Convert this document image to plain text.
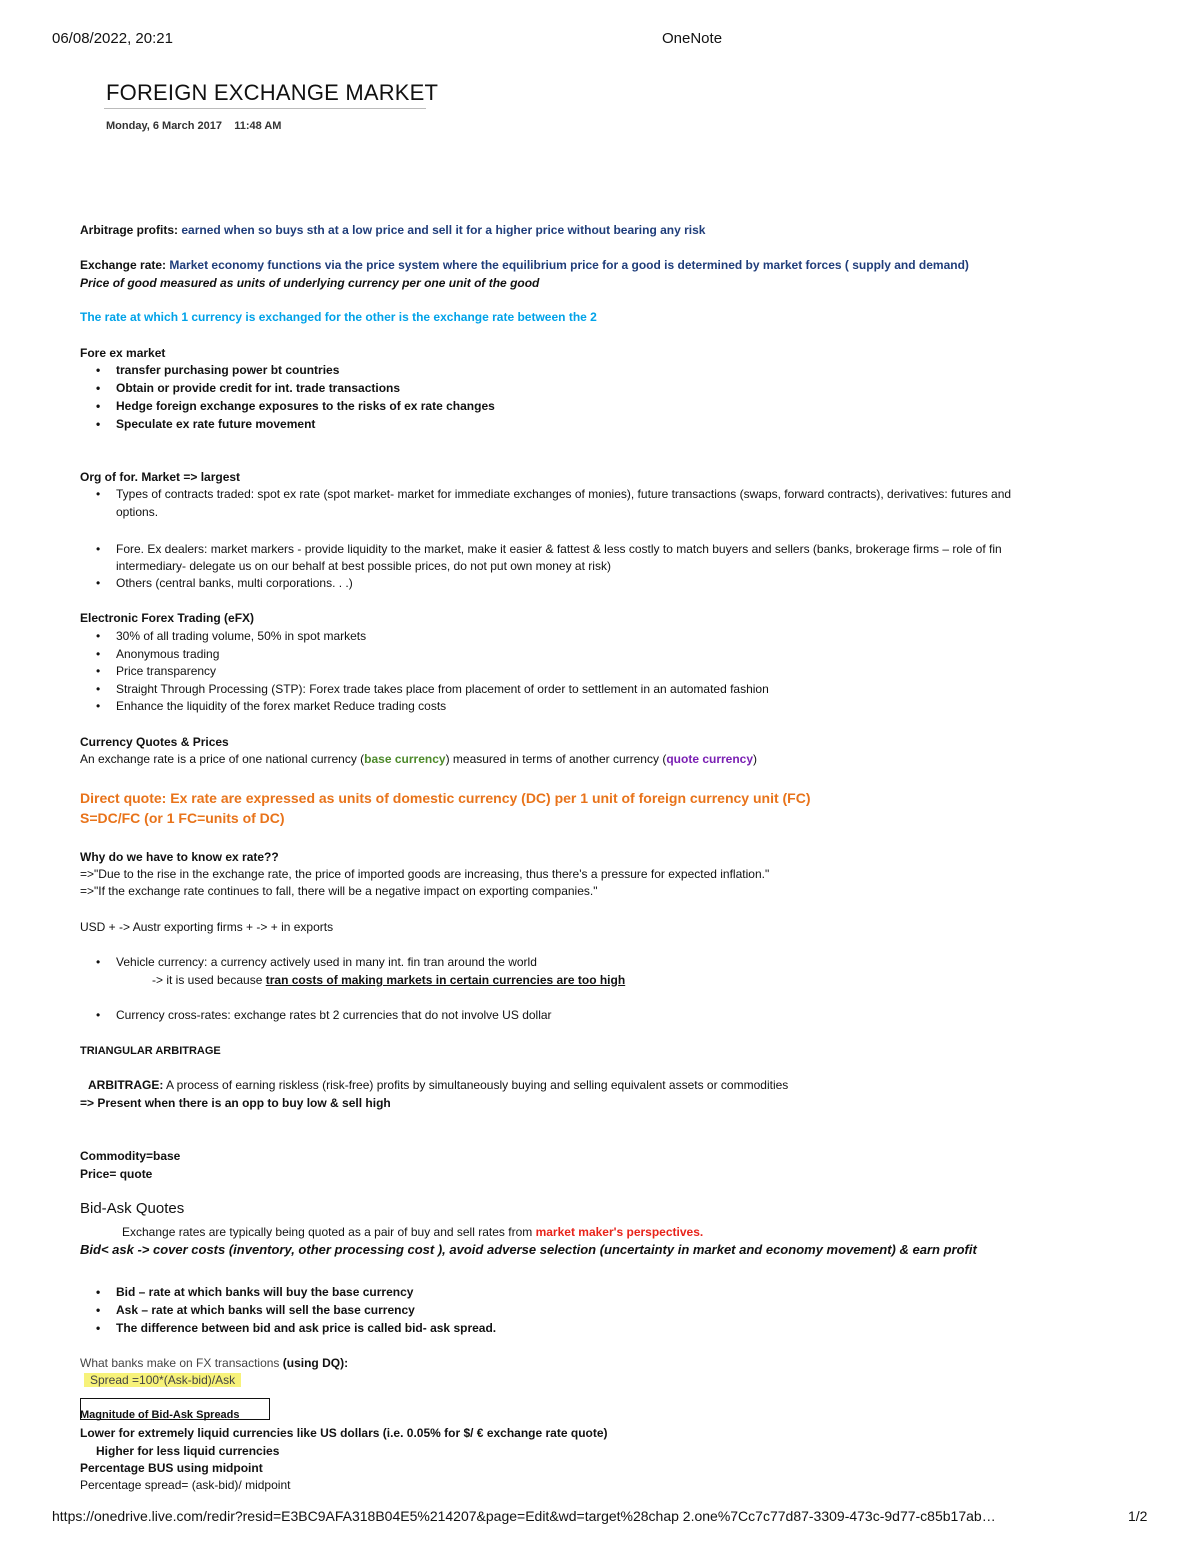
06/08/2022, 20:21	OneNote
FOREIGN EXCHANGE MARKET
Monday, 6 March 2017 11:48 AM
Arbitrage profits: earned when so buys sth at a low price and sell it for a higher price without bearing any risk
Exchange rate: Market economy functions via the price system where the equilibrium price for a good is determined by market forces ( supply and demand)
Price of good measured as units of underlying currency per one unit of the good
The rate at which 1 currency is exchanged for the other is the exchange rate between the 2
Fore ex market
transfer purchasing power bt countries
Obtain or provide credit for int. trade transactions
Hedge foreign exchange exposures to the risks of ex rate changes
Speculate ex rate future movement
Org of for. Market => largest
Types of contracts traded: spot ex rate (spot market- market for immediate exchanges of monies), future transactions (swaps, forward contracts), derivatives: futures and
options.
Fore. Ex dealers: market markers - provide liquidity to the market, make it easier & fattest & less costly to match buyers and sellers (banks, brokerage firms – role of fin
intermediary- delegate us on our behalf at best possible prices, do not put own money at risk)
Others (central banks, multi corporations. . .)
Electronic Forex Trading (eFX)
30% of all trading volume, 50% in spot markets
Anonymous trading
Price transparency
Straight Through Processing (STP): Forex trade takes place from placement of order to settlement in an automated fashion
Enhance the liquidity of the forex market Reduce trading costs
Currency Quotes & Prices
An exchange rate is a price of one national currency (base currency) measured in terms of another currency (quote currency)
Direct quote: Ex rate are expressed as units of domestic currency (DC) per 1 unit of foreign currency unit (FC)
S=DC/FC (or 1 FC=units of DC)
Why do we have to know ex rate??
=>"Due to the rise in the exchange rate, the price of imported goods are increasing, thus there's a pressure for expected inflation."
=>"If the exchange rate continues to fall, there will be a negative impact on exporting companies."
USD + -> Austr exporting firms + -> + in exports
Vehicle currency: a currency actively used in many int. fin tran around the world
-> it is used because tran costs of making markets in certain currencies are too high
Currency cross-rates: exchange rates bt 2 currencies that do not involve US dollar
TRIANGULAR ARBITRAGE
ARBITRAGE: A process of earning riskless (risk-free) profits by simultaneously buying and selling equivalent assets or commodities
=> Present when there is an opp to buy low & sell high
Commodity=base
Price= quote
Bid-Ask Quotes
Exchange rates are typically being quoted as a pair of buy and sell rates from market maker's perspectives.
Bid< ask -> cover costs (inventory, other processing cost ), avoid adverse selection (uncertainty in market and economy movement) & earn profit
Bid – rate at which banks will buy the base currency
Ask – rate at which banks will sell the base currency
The difference between bid and ask price is called bid- ask spread.
What banks make on FX transactions (using DQ):
Spread =100*(Ask-bid)/Ask
Magnitude of Bid-Ask Spreads
Lower for extremely liquid currencies like US dollars (i.e. 0.05% for $/ € exchange rate quote)
Higher for less liquid currencies
Percentage BUS using midpoint
Percentage spread= (ask-bid)/ midpoint
https://onedrive.live.com/redir?resid=E3BC9AFA318B04E5%214207&page=Edit&wd=target%28chap 2.one%7Cc7c77d87-3309-473c-9d77-c85b17ab…	1/2
